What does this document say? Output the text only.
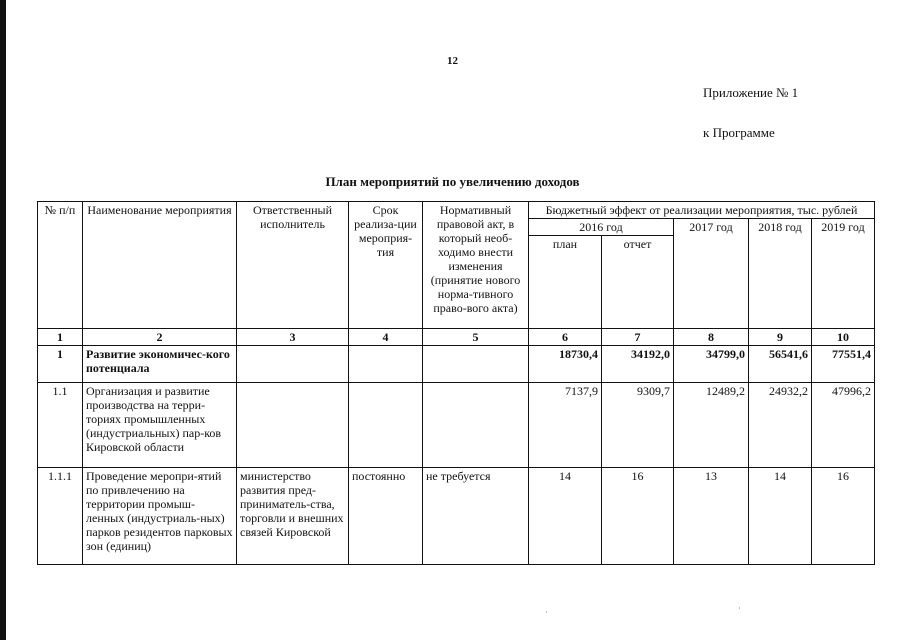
12
Приложение № 1
к Программе
План мероприятий по увеличению доходов
№ п/п	Наименование мероприятия	Ответственный исполнитель	Срок реализа-ции мероприя-тия	Нормативный правовой акт, в который необ-ходимо внести изменения (принятие нового норма-тивного право-вого акта)	Бюджетный эффект от реализации мероприятия, тыс. рублей				
					2016 год		2017 год	2018 год	2019 год
					план	отчет			
1	2	3	4	5	6	7	8	9	10
1	Развитие экономичес-кого потенциала				18730,4	34192,0	34799,0	56541,6	77551,4
1.1	Организация и развитие производства на терри-ториях промышленных (индустриальных) пар-ков Кировской области				7137,9	9309,7	12489,2	24932,2	47996,2
1.1.1	Проведение меропри-ятий по привлечению на территории промыш-ленных (индустриаль-ных) парков резидентов парковых зон (единиц)	министерство развития пред-приниматель-ства, торговли и внешних связей Кировской	постоянно	не требуется	14	16	13	14	16
·	·
